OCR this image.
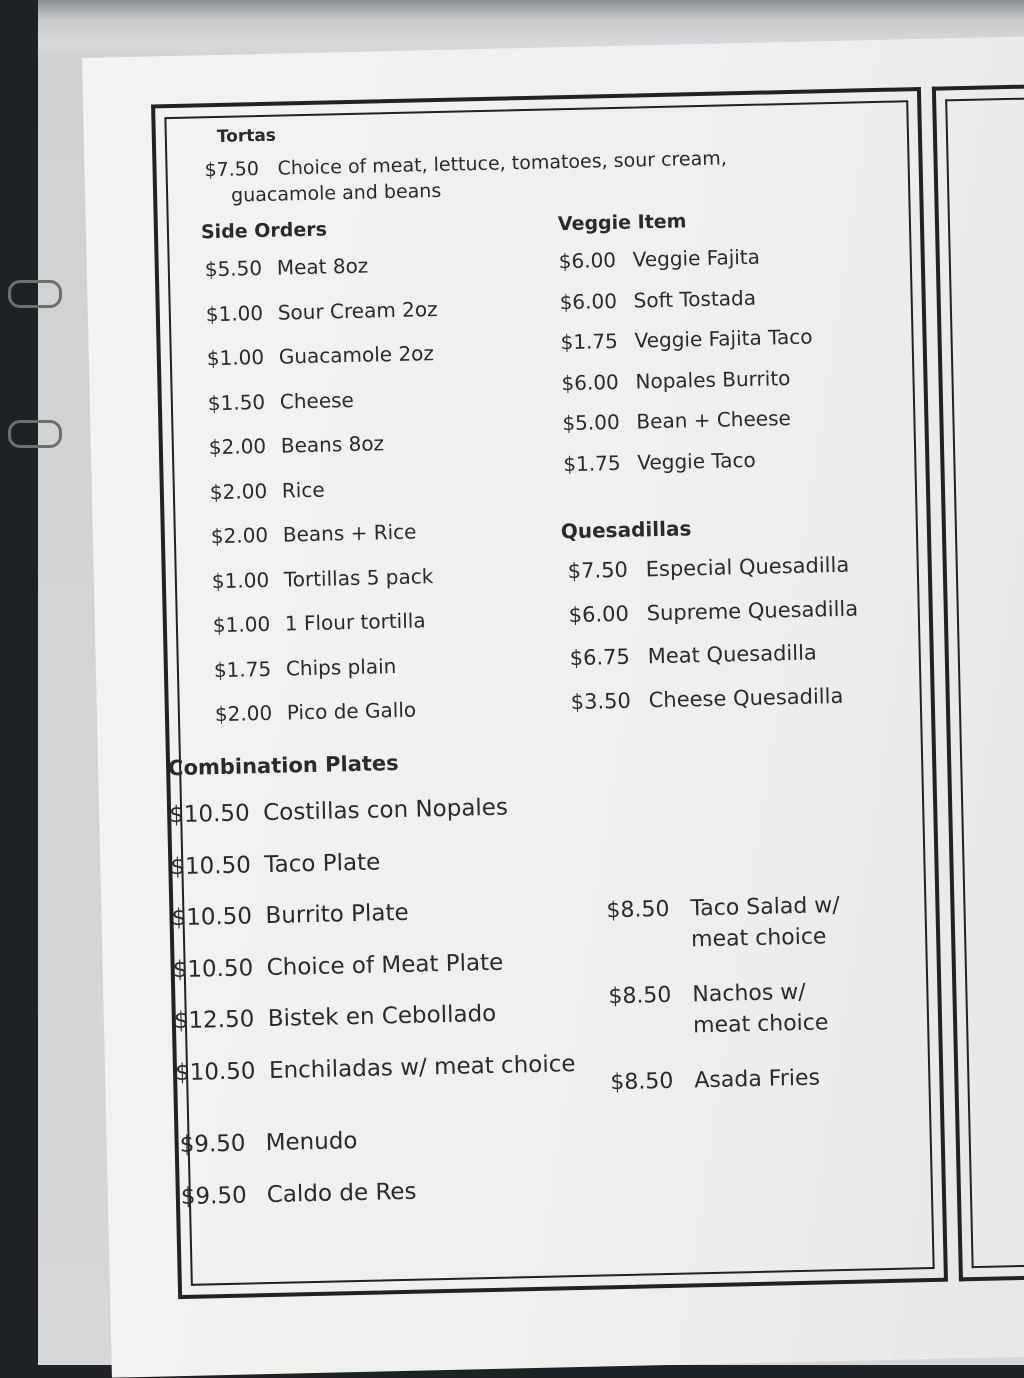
Tortas
$7.50 Choice of meat, lettuce, tomatoes, sour cream,
guacamole and beans
Side Orders
$5.50 Meat 8oz
$1.00 Sour Cream 2oz
$1.00 Guacamole 2oz
$1.50 Cheese
$2.00 Beans 8oz
$2.00 Rice
$2.00 Beans + Rice
$1.00 Tortillas 5 pack
$1.00 1 Flour tortilla
$1.75 Chips plain
$2.00 Pico de Gallo
Veggie Item
$6.00 Veggie Fajita
$6.00 Soft Tostada
$1.75 Veggie Fajita Taco
$6.00 Nopales Burrito
$5.00 Bean + Cheese
$1.75 Veggie Taco
Quesadillas
$7.50 Especial Quesadilla
$6.00 Supreme Quesadilla
$6.75 Meat Quesadilla
$3.50 Cheese Quesadilla
Combination Plates
$10.50 Costillas con Nopales
$10.50 Taco Plate
$10.50 Burrito Plate
$10.50 Choice of Meat Plate
$12.50 Bistek en Cebollado
$10.50 Enchiladas w/ meat choice
$9.50 Menudo
$9.50 Caldo de Res
$8.50 Taco Salad w/
meat choice
$8.50 Nachos w/
meat choice
$8.50 Asada Fries
